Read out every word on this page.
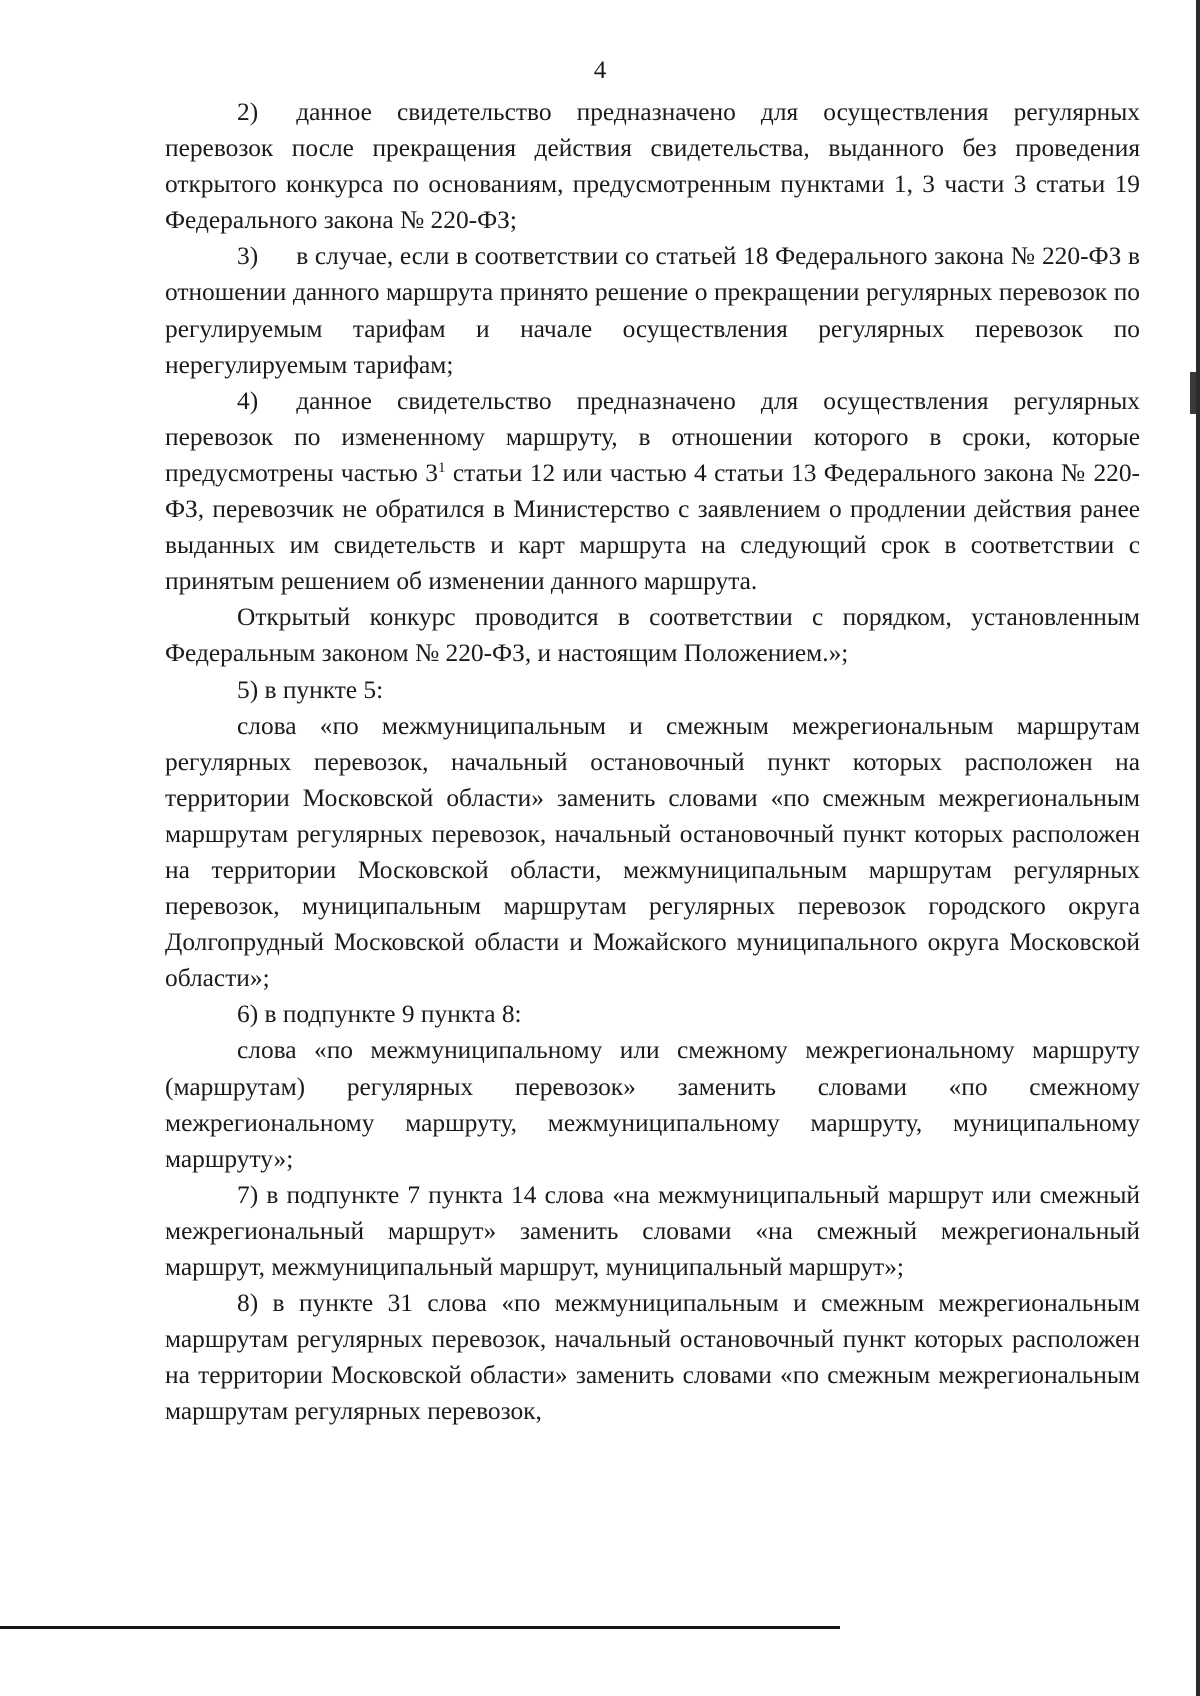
4

2)  данное свидетельство предназначено для осуществления регулярных перевозок после прекращения действия свидетельства, выданного без проведения открытого конкурса по основаниям, предусмотренным пунктами 1, 3 части 3 статьи 19 Федерального закона № 220-ФЗ;

3)  в случае, если в соответствии со статьей 18 Федерального закона № 220-ФЗ в отношении данного маршрута принято решение о прекращении регулярных перевозок по регулируемым тарифам и начале осуществления регулярных перевозок по нерегулируемым тарифам;

4)  данное свидетельство предназначено для осуществления регулярных перевозок по измененному маршруту, в отношении которого в сроки, которые предусмотрены частью $3^1$ статьи 12 или частью 4 статьи 13 Федерального закона № 220-ФЗ, перевозчик не обратился в Министерство с заявлением о продлении действия ранее выданных им свидетельств и карт маршрута на следующий срок в соответствии с принятым решением об изменении данного маршрута.

Открытый конкурс проводится в соответствии с порядком, установленным Федеральным законом № 220-ФЗ, и настоящим Положением.»;

5) в пункте 5:

слова «по межмуниципальным и смежным межрегиональным маршрутам регулярных перевозок, начальный остановочный пункт которых расположен на территории Московской области» заменить словами «по смежным межрегиональным маршрутам регулярных перевозок, начальный остановочный пункт которых расположен на территории Московской области, межмуниципальным маршрутам регулярных перевозок, муниципальным маршрутам регулярных перевозок городского округа Долгопрудный Московской области и Можайского муниципального округа Московской области»;

6) в подпункте 9 пункта 8:

слова «по межмуниципальному или смежному межрегиональному маршруту (маршрутам) регулярных перевозок» заменить словами «по смежному межрегиональному маршруту, межмуниципальному маршруту, муниципальному маршруту»;

7) в подпункте 7 пункта 14 слова «на межмуниципальный маршрут или смежный межрегиональный маршрут» заменить словами «на смежный межрегиональный маршрут, межмуниципальный маршрут, муниципальный маршрут»;

8) в пункте 31 слова «по межмуниципальным и смежным межрегиональным маршрутам регулярных перевозок, начальный остановочный пункт которых расположен на территории Московской области» заменить словами «по смежным межрегиональным маршрутам регулярных перевозок,
